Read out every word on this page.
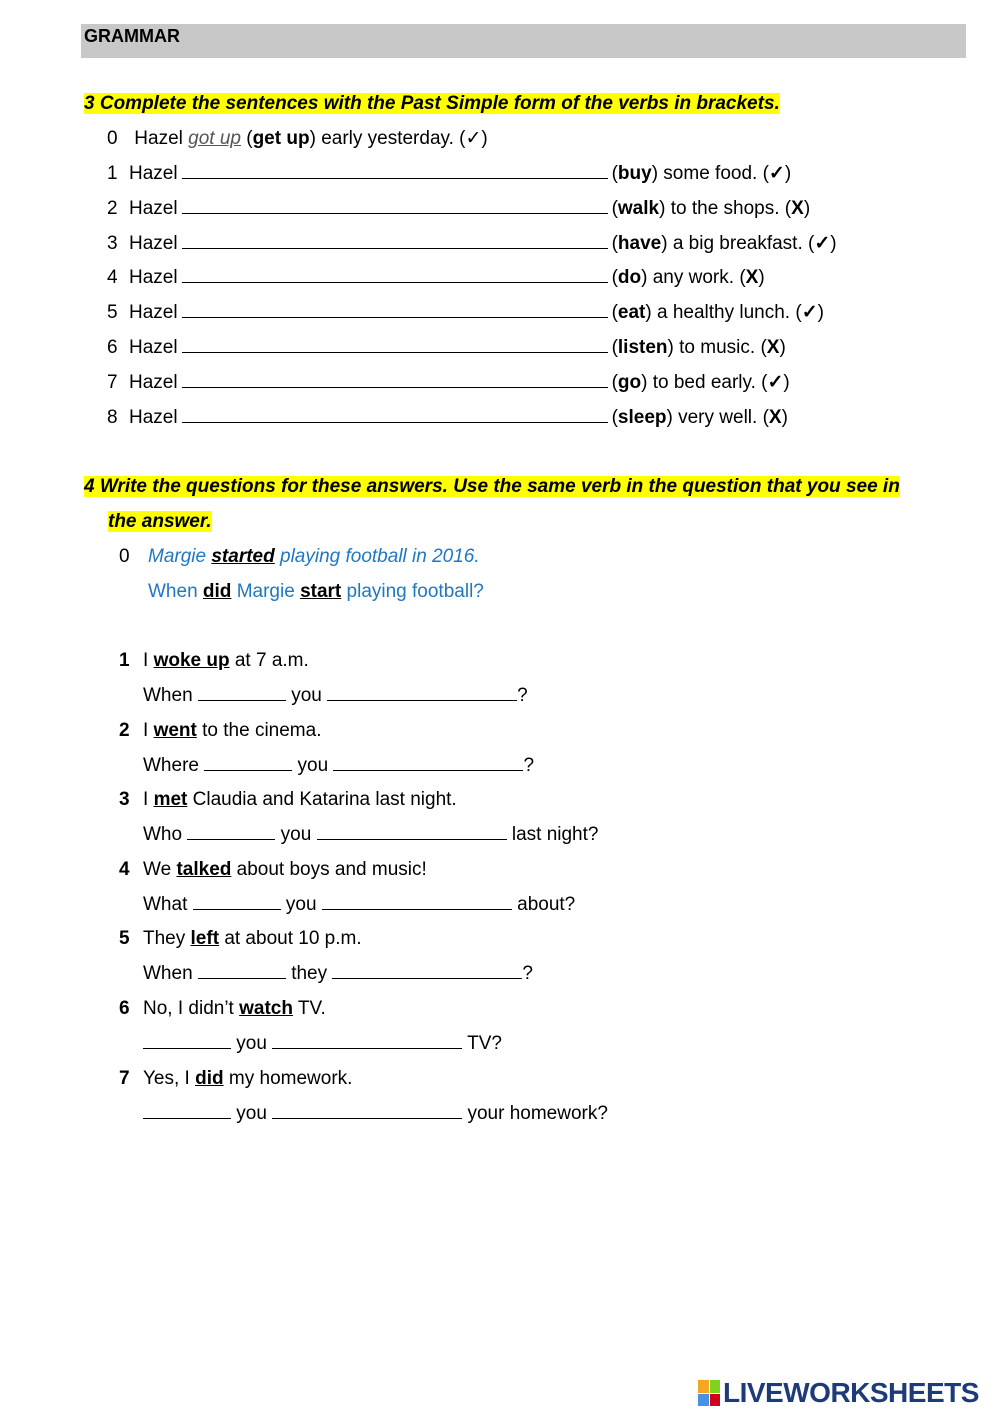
GRAMMAR
3 Complete the sentences with the Past Simple form of the verbs in brackets.
0 Hazel got up (get up) early yesterday. (✓)
1 Hazel	(buy) some food. (✓)
2 Hazel	(walk) to the shops. (X)
3 Hazel	(have) a big breakfast. (✓)
4 Hazel	(do) any work. (X)
5 Hazel	(eat) a healthy lunch. (✓)
6 Hazel	(listen) to music. (X)
7 Hazel	(go) to bed early. (✓)
8 Hazel	(sleep) very well. (X)
4 Write the questions for these answers. Use the same verb in the question that you see in
the answer.
0 Margie started playing football in 2016.
When did Margie start playing football?
1 I woke up at 7 a.m.
When	you	?
2 I went to the cinema.
Where	you	?
3 I met Claudia and Katarina last night.
Who	you	last night?
4 We talked about boys and music!
What	you	about?
5 They left at about 10 p.m.
When	they	?
6 No, I didn’t watch TV.
you	TV?
7 Yes, I did my homework.
you	your homework?
LIVEWORKSHEETS
